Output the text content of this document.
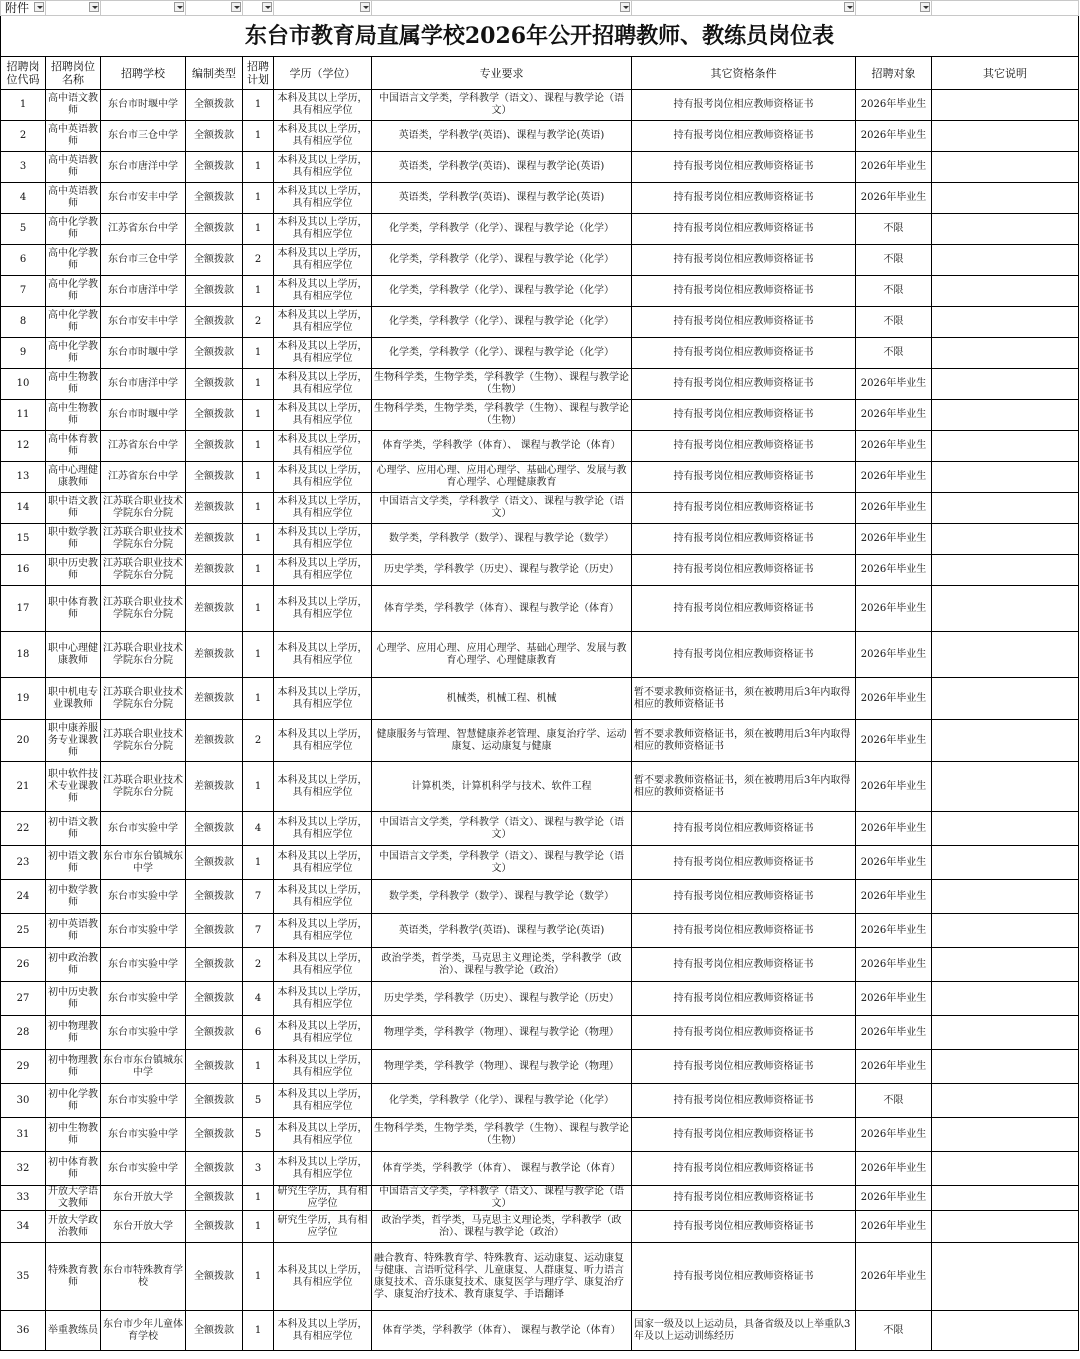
附件

东台市教育局直属学校2026年公开招聘教师、教练员岗位表									
招聘岗位代码	招聘岗位名称	招聘学校	编制类型	招聘计划	学历（学位）	专业要求	其它资格条件	招聘对象	其它说明
1	高中语文教师	东台市时堰中学	全额拨款	1	本科及其以上学历，具有相应学位	中国语言文学类，学科教学（语文）、课程与教学论（语文）	持有报考岗位相应教师资格证书	2026年毕业生	
2	高中英语教师	东台市三仓中学	全额拨款	1	本科及其以上学历，具有相应学位	英语类，学科教学(英语)、课程与教学论(英语)	持有报考岗位相应教师资格证书	2026年毕业生	
3	高中英语教师	东台市唐洋中学	全额拨款	1	本科及其以上学历，具有相应学位	英语类，学科教学(英语)、课程与教学论(英语)	持有报考岗位相应教师资格证书	2026年毕业生	
4	高中英语教师	东台市安丰中学	全额拨款	1	本科及其以上学历，具有相应学位	英语类，学科教学(英语)、课程与教学论(英语)	持有报考岗位相应教师资格证书	2026年毕业生	
5	高中化学教师	江苏省东台中学	全额拨款	1	本科及其以上学历，具有相应学位	化学类，学科教学（化学）、课程与教学论（化学）	持有报考岗位相应教师资格证书	不限	
6	高中化学教师	东台市三仓中学	全额拨款	2	本科及其以上学历，具有相应学位	化学类，学科教学（化学）、课程与教学论（化学）	持有报考岗位相应教师资格证书	不限	
7	高中化学教师	东台市唐洋中学	全额拨款	1	本科及其以上学历，具有相应学位	化学类，学科教学（化学）、课程与教学论（化学）	持有报考岗位相应教师资格证书	不限	
8	高中化学教师	东台市安丰中学	全额拨款	2	本科及其以上学历，具有相应学位	化学类，学科教学（化学）、课程与教学论（化学）	持有报考岗位相应教师资格证书	不限	
9	高中化学教师	东台市时堰中学	全额拨款	1	本科及其以上学历，具有相应学位	化学类，学科教学（化学）、课程与教学论（化学）	持有报考岗位相应教师资格证书	不限	
10	高中生物教师	东台市唐洋中学	全额拨款	1	本科及其以上学历，具有相应学位	生物科学类，生物学类，学科教学（生物）、课程与教学论（生物）	持有报考岗位相应教师资格证书	2026年毕业生	
11	高中生物教师	东台市时堰中学	全额拨款	1	本科及其以上学历，具有相应学位	生物科学类，生物学类，学科教学（生物）、课程与教学论（生物）	持有报考岗位相应教师资格证书	2026年毕业生	
12	高中体育教师	江苏省东台中学	全额拨款	1	本科及其以上学历，具有相应学位	体育学类，学科教学（体育）、 课程与教学论（体育）	持有报考岗位相应教师资格证书	2026年毕业生	
13	高中心理健康教师	江苏省东台中学	全额拨款	1	本科及其以上学历，具有相应学位	心理学、应用心理、应用心理学、基础心理学、发展与教育心理学、心理健康教育	持有报考岗位相应教师资格证书	2026年毕业生	
14	职中语文教师	江苏联合职业技术学院东台分院	差额拨款	1	本科及其以上学历，具有相应学位	中国语言文学类，学科教学（语文）、课程与教学论（语文）	持有报考岗位相应教师资格证书	2026年毕业生	
15	职中数学教师	江苏联合职业技术学院东台分院	差额拨款	1	本科及其以上学历，具有相应学位	数学类，学科教学（数学）、课程与教学论（数学）	持有报考岗位相应教师资格证书	2026年毕业生	
16	职中历史教师	江苏联合职业技术学院东台分院	差额拨款	1	本科及其以上学历，具有相应学位	历史学类，学科教学（历史）、课程与教学论（历史）	持有报考岗位相应教师资格证书	2026年毕业生	
17	职中体育教师	江苏联合职业技术学院东台分院	差额拨款	1	本科及其以上学历，具有相应学位	体育学类，学科教学（体育）、课程与教学论（体育）	持有报考岗位相应教师资格证书	2026年毕业生	
18	职中心理健康教师	江苏联合职业技术学院东台分院	差额拨款	1	本科及其以上学历，具有相应学位	心理学、应用心理、应用心理学、基础心理学、发展与教育心理学、心理健康教育	持有报考岗位相应教师资格证书	2026年毕业生	
19	职中机电专业课教师	江苏联合职业技术学院东台分院	差额拨款	1	本科及其以上学历，具有相应学位	机械类，机械工程、机械	暂不要求教师资格证书，须在被聘用后3年内取得相应的教师资格证书	2026年毕业生	
20	职中康养服务专业课教师	江苏联合职业技术学院东台分院	差额拨款	2	本科及其以上学历，具有相应学位	健康服务与管理、智慧健康养老管理、康复治疗学、运动康复、运动康复与健康	暂不要求教师资格证书，须在被聘用后3年内取得相应的教师资格证书	2026年毕业生	
21	职中软件技术专业课教师	江苏联合职业技术学院东台分院	差额拨款	1	本科及其以上学历，具有相应学位	计算机类，计算机科学与技术、软件工程	暂不要求教师资格证书，须在被聘用后3年内取得相应的教师资格证书	2026年毕业生	
22	初中语文教师	东台市实验中学	全额拨款	4	本科及其以上学历，具有相应学位	中国语言文学类，学科教学（语文）、课程与教学论（语文）	持有报考岗位相应教师资格证书	2026年毕业生	
23	初中语文教师	东台市东台镇城东中学	全额拨款	1	本科及其以上学历，具有相应学位	中国语言文学类，学科教学（语文）、课程与教学论（语文）	持有报考岗位相应教师资格证书	2026年毕业生	
24	初中数学教师	东台市实验中学	全额拨款	7	本科及其以上学历，具有相应学位	数学类，学科教学（数学）、课程与教学论（数学）	持有报考岗位相应教师资格证书	2026年毕业生	
25	初中英语教师	东台市实验中学	全额拨款	7	本科及其以上学历，具有相应学位	英语类，学科教学(英语)、课程与教学论(英语)	持有报考岗位相应教师资格证书	2026年毕业生	
26	初中政治教师	东台市实验中学	全额拨款	2	本科及其以上学历，具有相应学位	政治学类，哲学类，马克思主义理论类，学科教学（政治）、课程与教学论（政治）	持有报考岗位相应教师资格证书	2026年毕业生	
27	初中历史教师	东台市实验中学	全额拨款	4	本科及其以上学历，具有相应学位	历史学类，学科教学（历史）、课程与教学论（历史）	持有报考岗位相应教师资格证书	2026年毕业生	
28	初中物理教师	东台市实验中学	全额拨款	6	本科及其以上学历，具有相应学位	物理学类，学科教学（物理）、课程与教学论（物理）	持有报考岗位相应教师资格证书	2026年毕业生	
29	初中物理教师	东台市东台镇城东中学	全额拨款	1	本科及其以上学历，具有相应学位	物理学类，学科教学（物理）、课程与教学论（物理）	持有报考岗位相应教师资格证书	2026年毕业生	
30	初中化学教师	东台市实验中学	全额拨款	5	本科及其以上学历，具有相应学位	化学类，学科教学（化学）、课程与教学论（化学）	持有报考岗位相应教师资格证书	不限	
31	初中生物教师	东台市实验中学	全额拨款	5	本科及其以上学历，具有相应学位	生物科学类，生物学类，学科教学（生物）、课程与教学论（生物）	持有报考岗位相应教师资格证书	2026年毕业生	
32	初中体育教师	东台市实验中学	全额拨款	3	本科及其以上学历，具有相应学位	体育学类，学科教学（体育）、 课程与教学论（体育）	持有报考岗位相应教师资格证书	2026年毕业生	
33	开放大学语文教师	东台开放大学	全额拨款	1	研究生学历，具有相应学位	中国语言文学类，学科教学（语文）、课程与教学论（语文）	持有报考岗位相应教师资格证书	2026年毕业生	
34	开放大学政治教师	东台开放大学	全额拨款	1	研究生学历，具有相应学位	政治学类，哲学类，马克思主义理论类，学科教学（政治）、课程与教学论（政治）	持有报考岗位相应教师资格证书	2026年毕业生	
35	特殊教育教师	东台市特殊教育学校	全额拨款	1	本科及其以上学历，具有相应学位	融合教育、特殊教育学、特殊教育、运动康复、运动康复与健康、言语听觉科学、儿童康复、人群康复、听力语言康复技术、音乐康复技术、康复医学与理疗学、康复治疗学、康复治疗技术、教育康复学、手语翻译	持有报考岗位相应教师资格证书	2026年毕业生	
36	举重教练员	东台市少年儿童体育学校	全额拨款	1	本科及其以上学历，具有相应学位	体育学类，学科教学（体育）、 课程与教学论（体育）	国家一级及以上运动员，具备省级及以上举重队3年及以上运动训练经历	不限	
